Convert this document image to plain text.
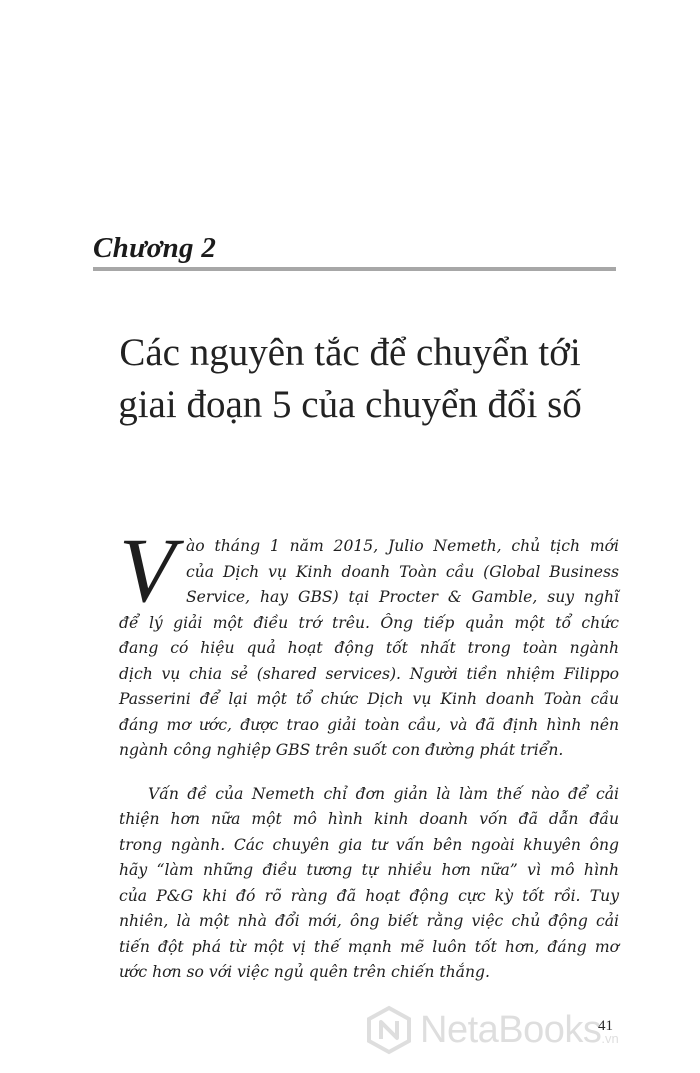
Chương 2
Các nguyên tắc để chuyển tới
giai đoạn 5 của chuyển đổi số
V ào tháng 1 năm 2015, Julio Nemeth, chủ tịch mới
của Dịch vụ Kinh doanh Toàn cầu (Global Business
Service, hay GBS) tại Procter & Gamble, suy nghĩ
để lý giải một điều trớ trêu. Ông tiếp quản một tổ chức
đang có hiệu quả hoạt động tốt nhất trong toàn ngành
dịch vụ chia sẻ (shared services). Người tiền nhiệm Filippo
Passerini để lại một tổ chức Dịch vụ Kinh doanh Toàn cầu
đáng mơ ước, được trao giải toàn cầu, và đã định hình nên
ngành công nghiệp GBS trên suốt con đường phát triển.
Vấn đề của Nemeth chỉ đơn giản là làm thế nào để cải
thiện hơn nữa một mô hình kinh doanh vốn đã dẫn đầu
trong ngành. Các chuyên gia tư vấn bên ngoài khuyên ông
hãy “làm những điều tương tự nhiều hơn nữa” vì mô hình
của P&G khi đó rõ ràng đã hoạt động cực kỳ tốt rồi. Tuy
nhiên, là một nhà đổi mới, ông biết rằng việc chủ động cải
tiến đột phá từ một vị thế mạnh mẽ luôn tốt hơn, đáng mơ
ước hơn so với việc ngủ quên trên chiến thắng.
41
NetaBooks .vn
